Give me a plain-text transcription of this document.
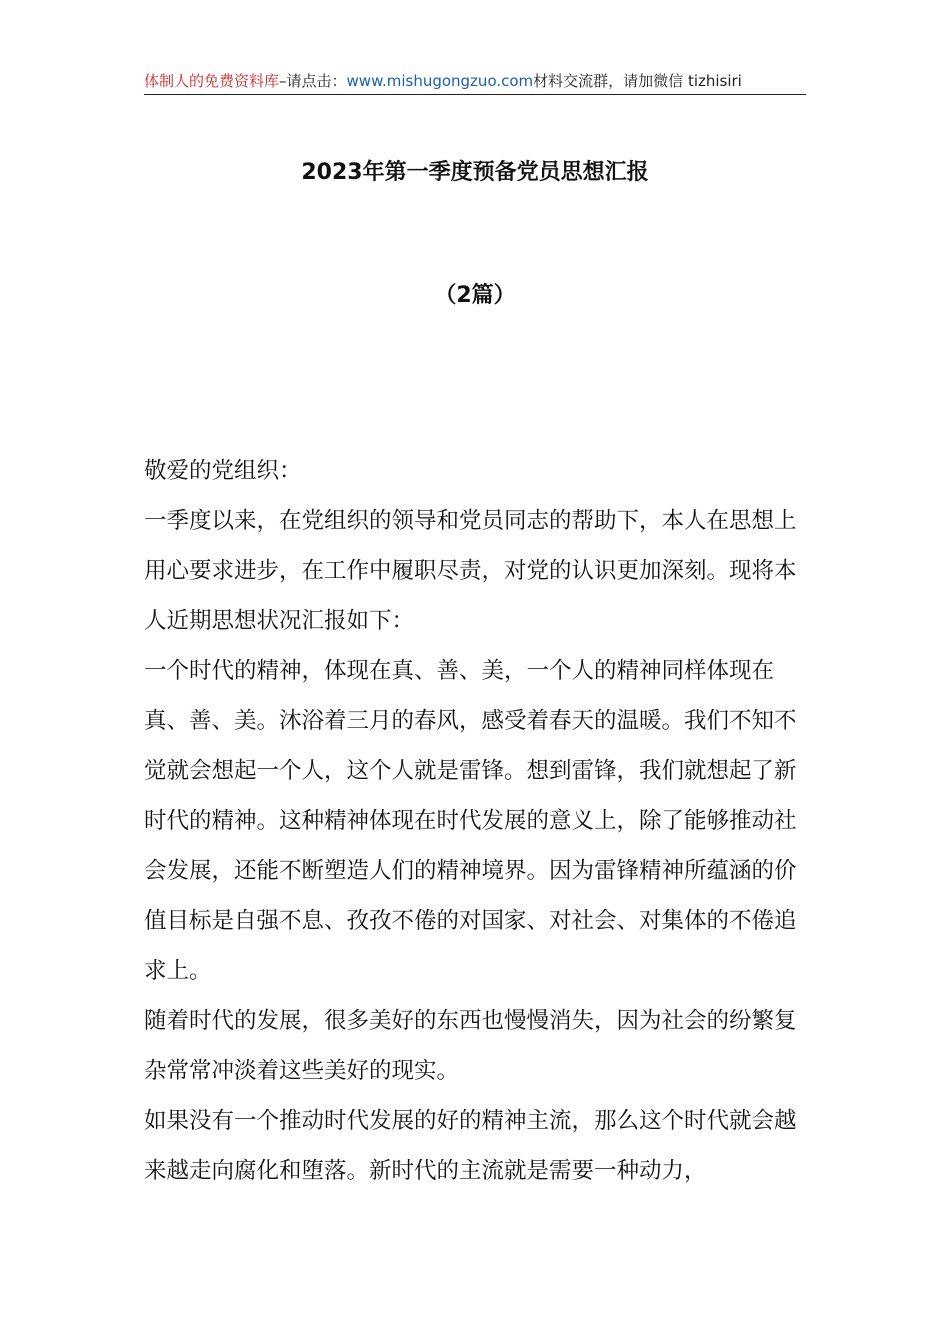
体制人的免费资料库–请点击：www.mishugongzuo.com材料交流群，请加微信 tizhisiri
2023年第一季度预备党员思想汇报
（2篇）

敬爱的党组织：

一季度以来，在党组织的领导和党员同志的帮助下，本人在思想上用心要求进步，在工作中履职尽责，对党的认识更加深刻。现将本人近期思想状况汇报如下：

一个时代的精神，体现在真、善、美，一个人的精神同样体现在真、善、美。沐浴着三月的春风，感受着春天的温暖。我们不知不觉就会想起一个人，这个人就是雷锋。想到雷锋，我们就想起了新时代的精神。这种精神体现在时代发展的意义上，除了能够推动社会发展，还能不断塑造人们的精神境界。因为雷锋精神所蕴涵的价值目标是自强不息、孜孜不倦的对国家、对社会、对集体的不倦追求上。

随着时代的发展，很多美好的东西也慢慢消失，因为社会的纷繁复杂常常冲淡着这些美好的现实。

如果没有一个推动时代发展的好的精神主流，那么这个时代就会越来越走向腐化和堕落。新时代的主流就是需要一种动力，
